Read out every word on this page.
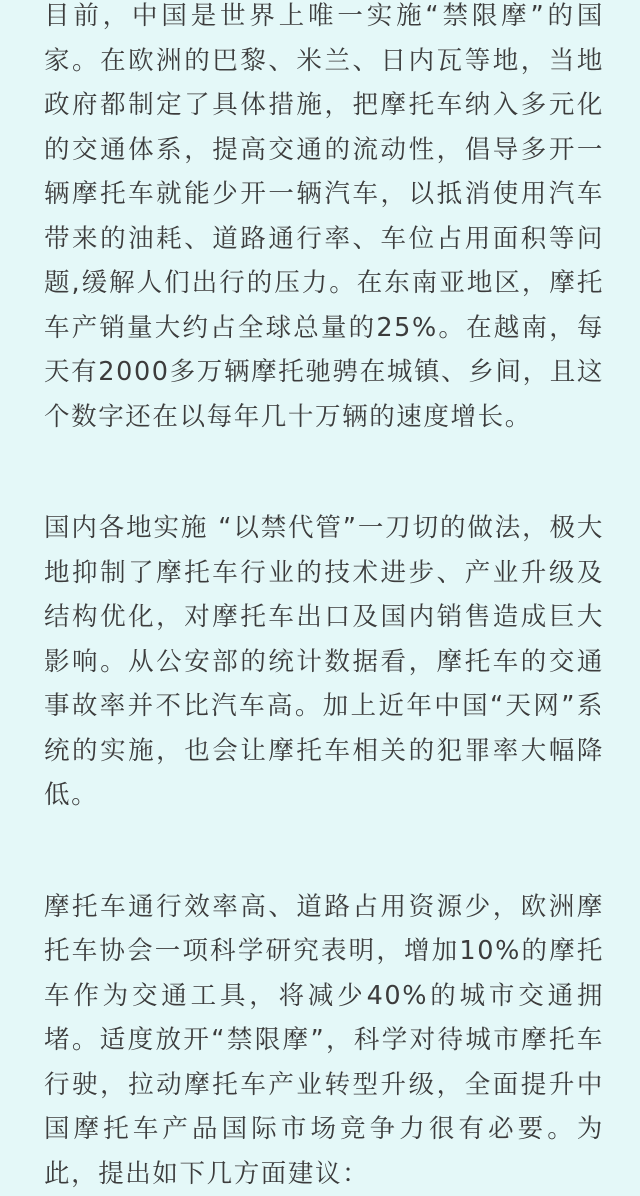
目前，中国是世界上唯一实施“禁限摩”的国家。在欧洲的巴黎、米兰、日内瓦等地，当地政府都制定了具体措施，把摩托车纳入多元化的交通体系，提高交通的流动性，倡导多开一辆摩托车就能少开一辆汽车，以抵消使用汽车带来的油耗、道路通行率、车位占用面积等问题,缓解人们出行的压力。在东南亚地区，摩托车产销量大约占全球总量的25%。在越南，每天有2000多万辆摩托驰骋在城镇、乡间，且这个数字还在以每年几十万辆的速度增长。

国内各地实施 “以禁代管”一刀切的做法，极大地抑制了摩托车行业的技术进步、产业升级及结构优化，对摩托车出口及国内销售造成巨大影响。从公安部的统计数据看，摩托车的交通事故率并不比汽车高。加上近年中国“天网”系统的实施，也会让摩托车相关的犯罪率大幅降低。

摩托车通行效率高、道路占用资源少，欧洲摩托车协会一项科学研究表明，增加10%的摩托车作为交通工具，将减少40%的城市交通拥堵。适度放开“禁限摩”，科学对待城市摩托车行驶，拉动摩托车产业转型升级，全面提升中国摩托车产品国际市场竞争力很有必要。为此，提出如下几方面建议：
